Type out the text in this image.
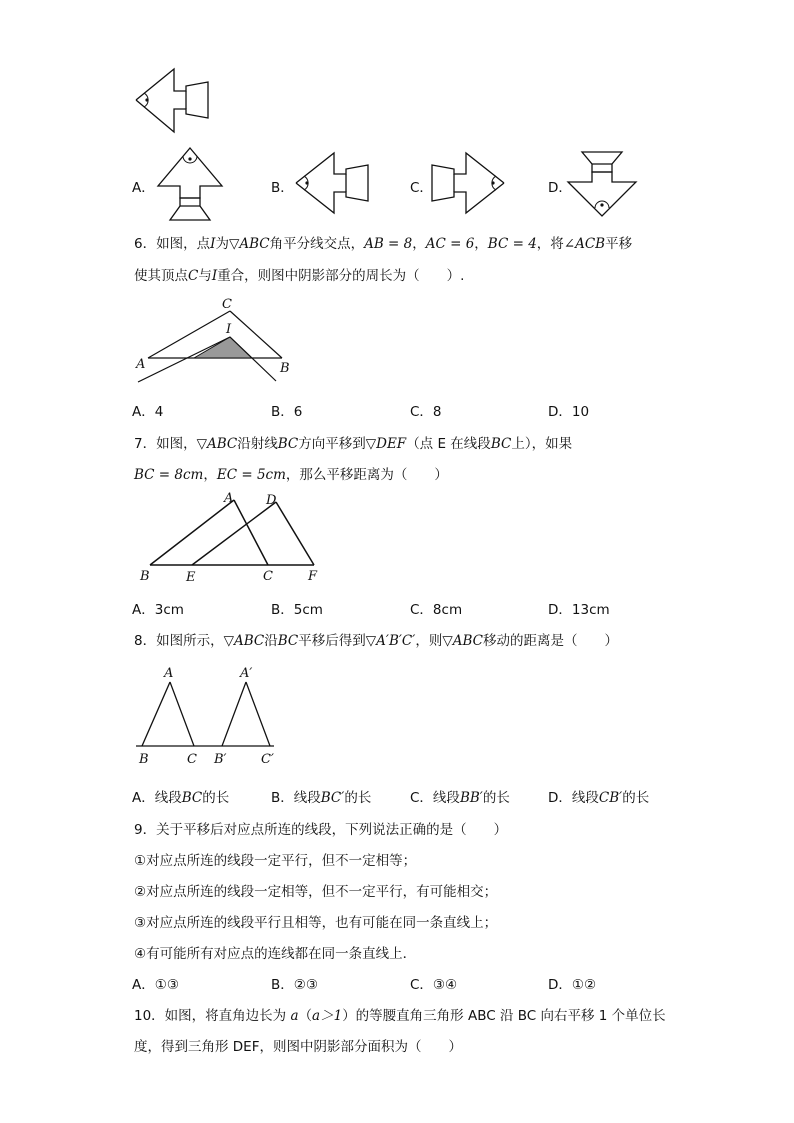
A．	B．	C．	D．
6．如图，点I为▽ABC角平分线交点，AB = 8，AC = 6，BC = 4，将∠ACB平移
使其顶点C与I重合，则图中阴影部分的周长为（　　）.
C
I
A	B
A．4	B．6	C．8	D．10
7．如图，▽ABC沿射线BC方向平移到▽DEF（点 E 在线段BC上），如果
BC = 8cm，EC = 5cm，那么平移距离为（　　）
A	D
B	E	C	F
A．3cm	B．5cm	C．8cm	D．13cm
8．如图所示，▽ABC沿BC平移后得到▽A′B′C′，则▽ABC移动的距离是（　　）
A	A′
B	C B′	C′
A．线段BC的长	B．线段BC′的长	C．线段BB′的长	D．线段CB′的长
9．关于平移后对应点所连的线段，下列说法正确的是（　　）
①对应点所连的线段一定平行，但不一定相等；
②对应点所连的线段一定相等，但不一定平行，有可能相交；
③对应点所连的线段平行且相等，也有可能在同一条直线上；
④有可能所有对应点的连线都在同一条直线上．
A．①③	B．②③	C．③④	D．①②
10．如图，将直角边长为 a（a＞1）的等腰直角三角形 ABC 沿 BC 向右平移 1 个单位长
度，得到三角形 DEF，则图中阴影部分面积为（　　）
